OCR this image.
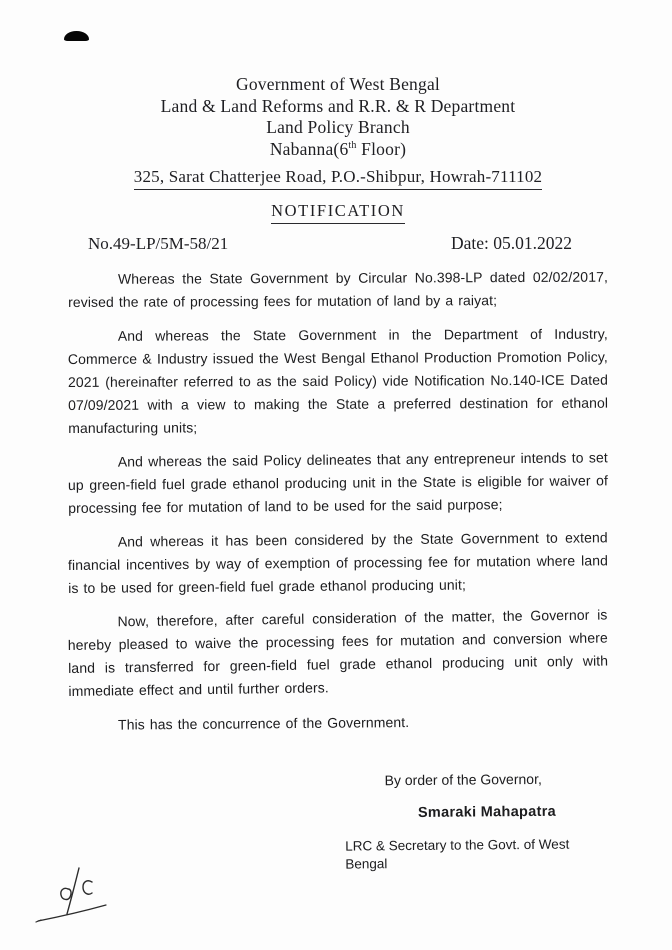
Government of West Bengal
Land & Land Reforms and R.R. & R Department
Land Policy Branch
Nabanna(6th Floor)
325, Sarat Chatterjee Road, P.O.-Shibpur, Howrah-711102
NOTIFICATION
No.49-LP/5M-58/21	Date: 05.01.2022

Whereas the State Government by Circular No.398-LP dated 02/02/2017, revised the rate of processing fees for mutation of land by a raiyat;

And whereas the State Government in the Department of Industry, Commerce & Industry issued the West Bengal Ethanol Production Promotion Policy, 2021 (hereinafter referred to as the said Policy) vide Notification No.140-ICE Dated 07/09/2021 with a view to making the State a preferred destination for ethanol manufacturing units;

And whereas the said Policy delineates that any entrepreneur intends to set up green-field fuel grade ethanol producing unit in the State is eligible for waiver of processing fee for mutation of land to be used for the said purpose;

And whereas it has been considered by the State Government to extend financial incentives by way of exemption of processing fee for mutation where land is to be used for green-field fuel grade ethanol producing unit;

Now, therefore, after careful consideration of the matter, the Governor is hereby pleased to waive the processing fees for mutation and conversion where land is transferred for green-field fuel grade ethanol producing unit only with immediate effect and until further orders.

This has the concurrence of the Government.

By order of the Governor,
Smaraki Mahapatra
LRC & Secretary to the Govt. of West Bengal
